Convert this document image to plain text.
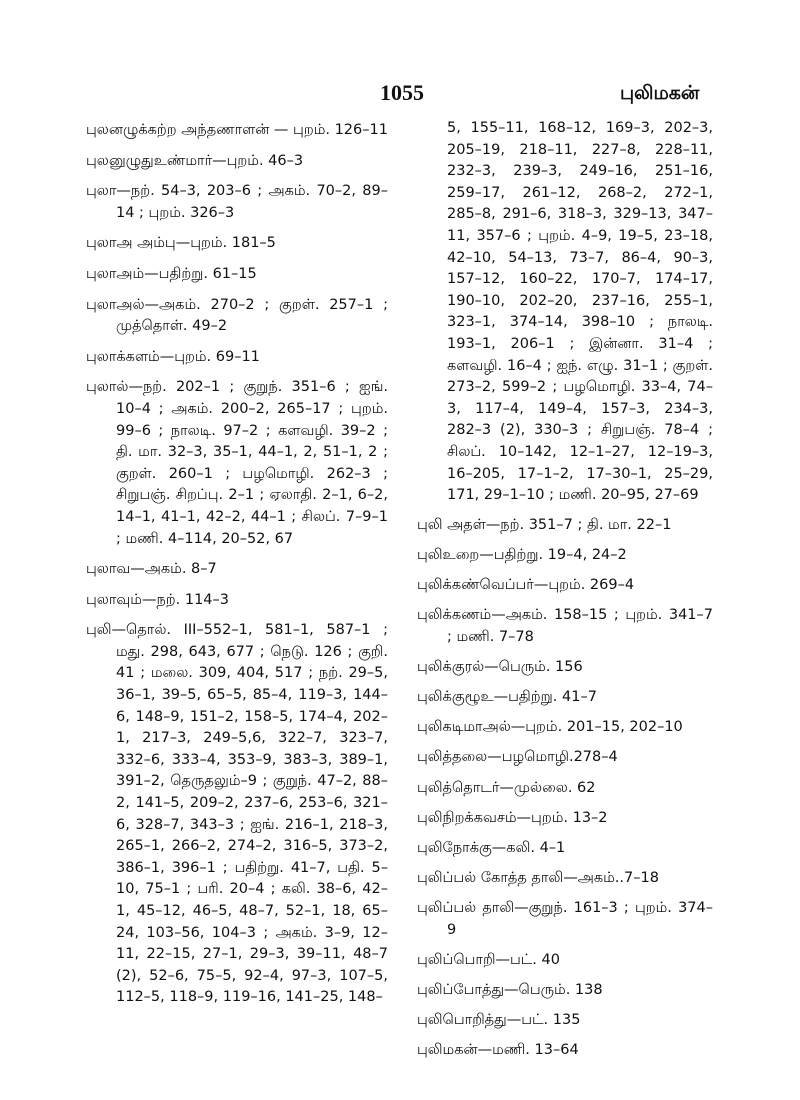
1055	புலிமகன்
புலனழுக்கற்ற அந்தணாளன் — புறம். 126–11
புலனுழுதுஉண்மார்—புறம். 46–3
புலா—நற். 54–3, 203–6 ; அகம். 70–2, 89–14 ; புறம். 326–3
புலாஅ அம்பு—புறம். 181–5
புலாஅம்—பதிற்று. 61–15
புலாஅல்—அகம். 270–2 ; குறள். 257–1 ; முத்தொள். 49–2
புலாக்களம்—புறம். 69–11
புலால்—நற். 202–1 ; குறுந். 351–6 ; ஐங். 10–4 ; அகம். 200–2, 265–17 ; புறம். 99–6 ; நாலடி. 97–2 ; களவழி. 39–2 ; தி. மா. 32–3, 35–1, 44–1, 2, 51–1, 2 ; குறள். 260–1 ; பழமொழி. 262–3 ; சிறுபஞ். சிறப்பு. 2–1 ; ஏலாதி. 2–1, 6–2, 14–1, 41–1, 42–2, 44–1 ; சிலப். 7–9–1 ; மணி. 4–114, 20–52, 67
புலாவ—அகம். 8–7
புலாவும்—நற். 114–3
புலி—தொல். III–552–1, 581–1, 587–1 ; மது. 298, 643, 677 ; நெடு. 126 ; குறி. 41 ; மலை. 309, 404, 517 ; நற். 29–5, 36–1, 39–5, 65–5, 85–4, 119–3, 144–6, 148–9, 151–2, 158–5, 174–4, 202–1, 217–3, 249–5,6, 322–7, 323–7, 332–6, 333–4, 353–9, 383–3, 389–1, 391–2, தெருதலும்–9 ; குறுந். 47–2, 88–2, 141–5, 209–2, 237–6, 253–6, 321–6, 328–7, 343–3 ; ஐங். 216–1, 218–3, 265–1, 266–2, 274–2, 316–5, 373–2, 386–1, 396–1 ; பதிற்று. 41–7, பதி. 5–10, 75–1 ; பரி. 20–4 ; கலி. 38–6, 42–1, 45–12, 46–5, 48–7, 52–1, 18, 65–24, 103–56, 104–3 ; அகம். 3–9, 12–11, 22–15, 27–1, 29–3, 39–11, 48–7 (2), 52–6, 75–5, 92–4, 97–3, 107–5, 112–5, 118–9, 119–16, 141–25, 148–
5, 155–11, 168–12, 169–3, 202–3, 205–19, 218–11, 227–8, 228–11, 232–3, 239–3, 249–16, 251–16, 259–17, 261–12, 268–2, 272–1, 285–8, 291–6, 318–3, 329–13, 347–11, 357–6 ; புறம். 4–9, 19–5, 23–18, 42–10, 54–13, 73–7, 86–4, 90–3, 157–12, 160–22, 170–7, 174–17, 190–10, 202–20, 237–16, 255–1, 323–1, 374–14, 398–10 ; நாலடி. 193–1, 206–1 ; இன்னா. 31–4 ; களவழி. 16–4 ; ஐந். எழு. 31–1 ; குறள். 273–2, 599–2 ; பழமொழி. 33–4, 74–3, 117–4, 149–4, 157–3, 234–3, 282–3 (2), 330–3 ; சிறுபஞ். 78–4 ; சிலப். 10–142, 12–1–27, 12–19–3, 16–205, 17–1–2, 17–30–1, 25–29, 171, 29–1–10 ; மணி. 20–95, 27–69
புலி அதள்—நற். 351–7 ; தி. மா. 22–1
புலிஉறை—பதிற்று. 19–4, 24–2
புலிக்கண்வெப்பர்—புறம். 269–4
புலிக்கணம்—அகம். 158–15 ; புறம். 341–7 ; மணி. 7–78
புலிக்குரல்—பெரும். 156
புலிக்குழூஉ—பதிற்று. 41–7
புலிகடிமாஅல்—புறம். 201–15, 202–10
புலித்தலை—பழமொழி.278–4
புலித்தொடர்—முல்லை. 62
புலிநிறக்கவசம்—புறம். 13–2
புலிநோக்கு—கலி. 4–1
புலிப்பல் கோத்த தாலி—அகம்..7–18
புலிப்பல் தாலி—குறுந். 161–3 ; புறம். 374–9
புலிப்பொறி—பட். 40
புலிப்போத்து—பெரும். 138
புலிபொறித்து—பட். 135
புலிமகன்—மணி. 13–64
